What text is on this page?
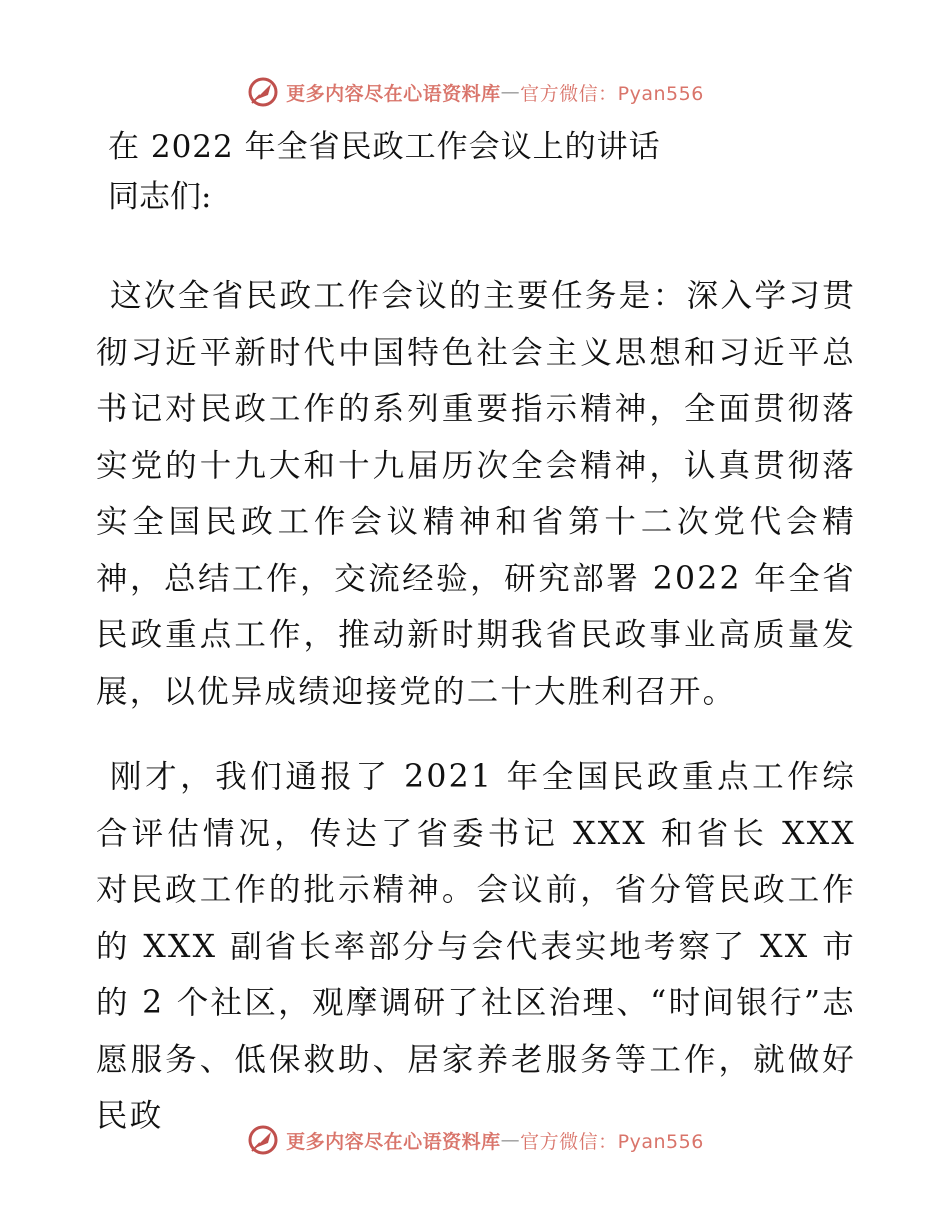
更多内容尽在心语资料库 — 官方微信：Pyan556
在 2022 年全省民政工作会议上的讲话
同志们:

这次全省民政工作会议的主要任务是：深入学习贯彻习近平新时代中国特色社会主义思想和习近平总书记对民政工作的系列重要指示精神，全面贯彻落实党的十九大和十九届历次全会精神，认真贯彻落实全国民政工作会议精神和省第十二次党代会精神，总结工作，交流经验，研究部署 2022 年全省民政重点工作，推动新时期我省民政事业高质量发展，以优异成绩迎接党的二十大胜利召开。

刚才，我们通报了 2021 年全国民政重点工作综合评估情况，传达了省委书记 XXX 和省长 XXX 对民政工作的批示精神。会议前，省分管民政工作的 XXX 副省长率部分与会代表实地考察了 XX 市的 2 个社区，观摩调研了社区治理、“时间银行”志愿服务、低保救助、居家养老服务等工作，就做好民政

更多内容尽在心语资料库 — 官方微信：Pyan556
